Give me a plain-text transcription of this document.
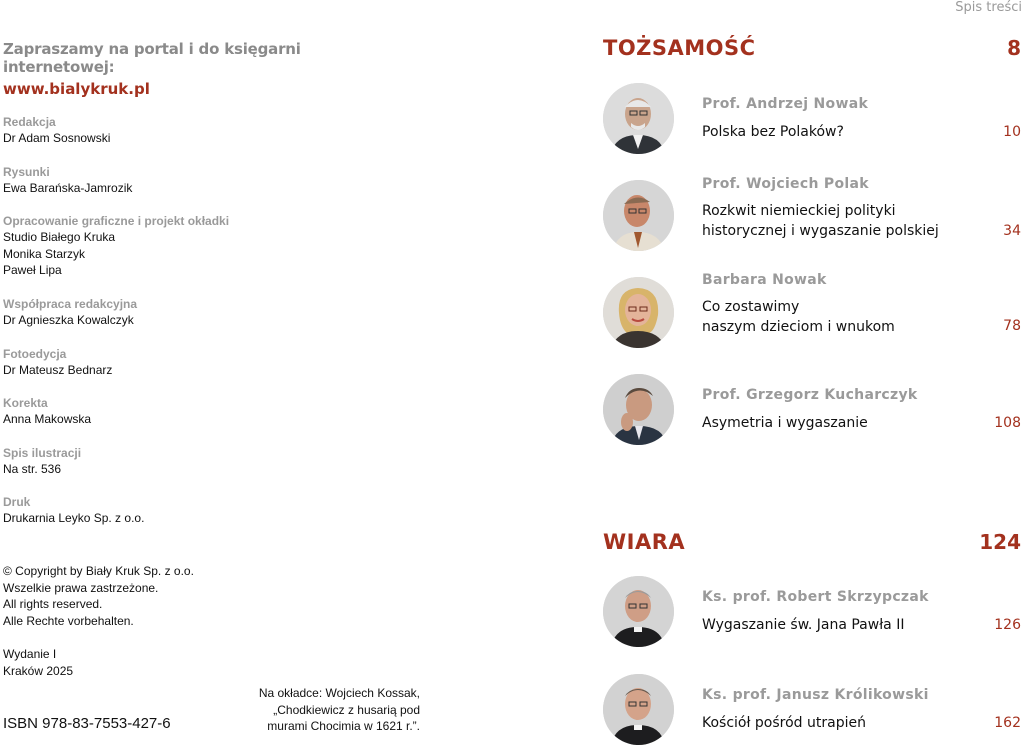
Spis treści
Zapraszamy na portal i do księgarni internetowej:
www.bialykruk.pl
Redakcja
Dr Adam Sosnowski
Rysunki
Ewa Barańska-Jamrozik
Opracowanie graficzne i projekt okładki
Studio Białego Kruka
Monika Starzyk
Paweł Lipa
Współpraca redakcyjna
Dr Agnieszka Kowalczyk
Fotoedycja
Dr Mateusz Bednarz
Korekta
Anna Makowska
Spis ilustracji
Na str. 536
Druk
Drukarnia Leyko Sp. z o.o.
© Copyright by Biały Kruk Sp. z o.o.
Wszelkie prawa zastrzeżone.
All rights reserved.
Alle Rechte vorbehalten.
Wydanie I
Kraków 2025
ISBN 978-83-7553-427-6
Na okładce: Wojciech Kossak,
„Chodkiewicz z husarią pod
murami Chocimia w 1621 r.”.
TOŻSAMOŚĆ	8
Prof. Andrzej Nowak
Polska bez Polaków?	10
Prof. Wojciech Polak
Rozkwit niemieckiej polityki
historycznej i wygaszanie polskiej	34
Barbara Nowak
Co zostawimy
naszym dzieciom i wnukom	78
Prof. Grzegorz Kucharczyk
Asymetria i wygaszanie	108
WIARA	124
Ks. prof. Robert Skrzypczak
Wygaszanie św. Jana Pawła II	126
Ks. prof. Janusz Królikowski
Kościół pośród utrapień	162
